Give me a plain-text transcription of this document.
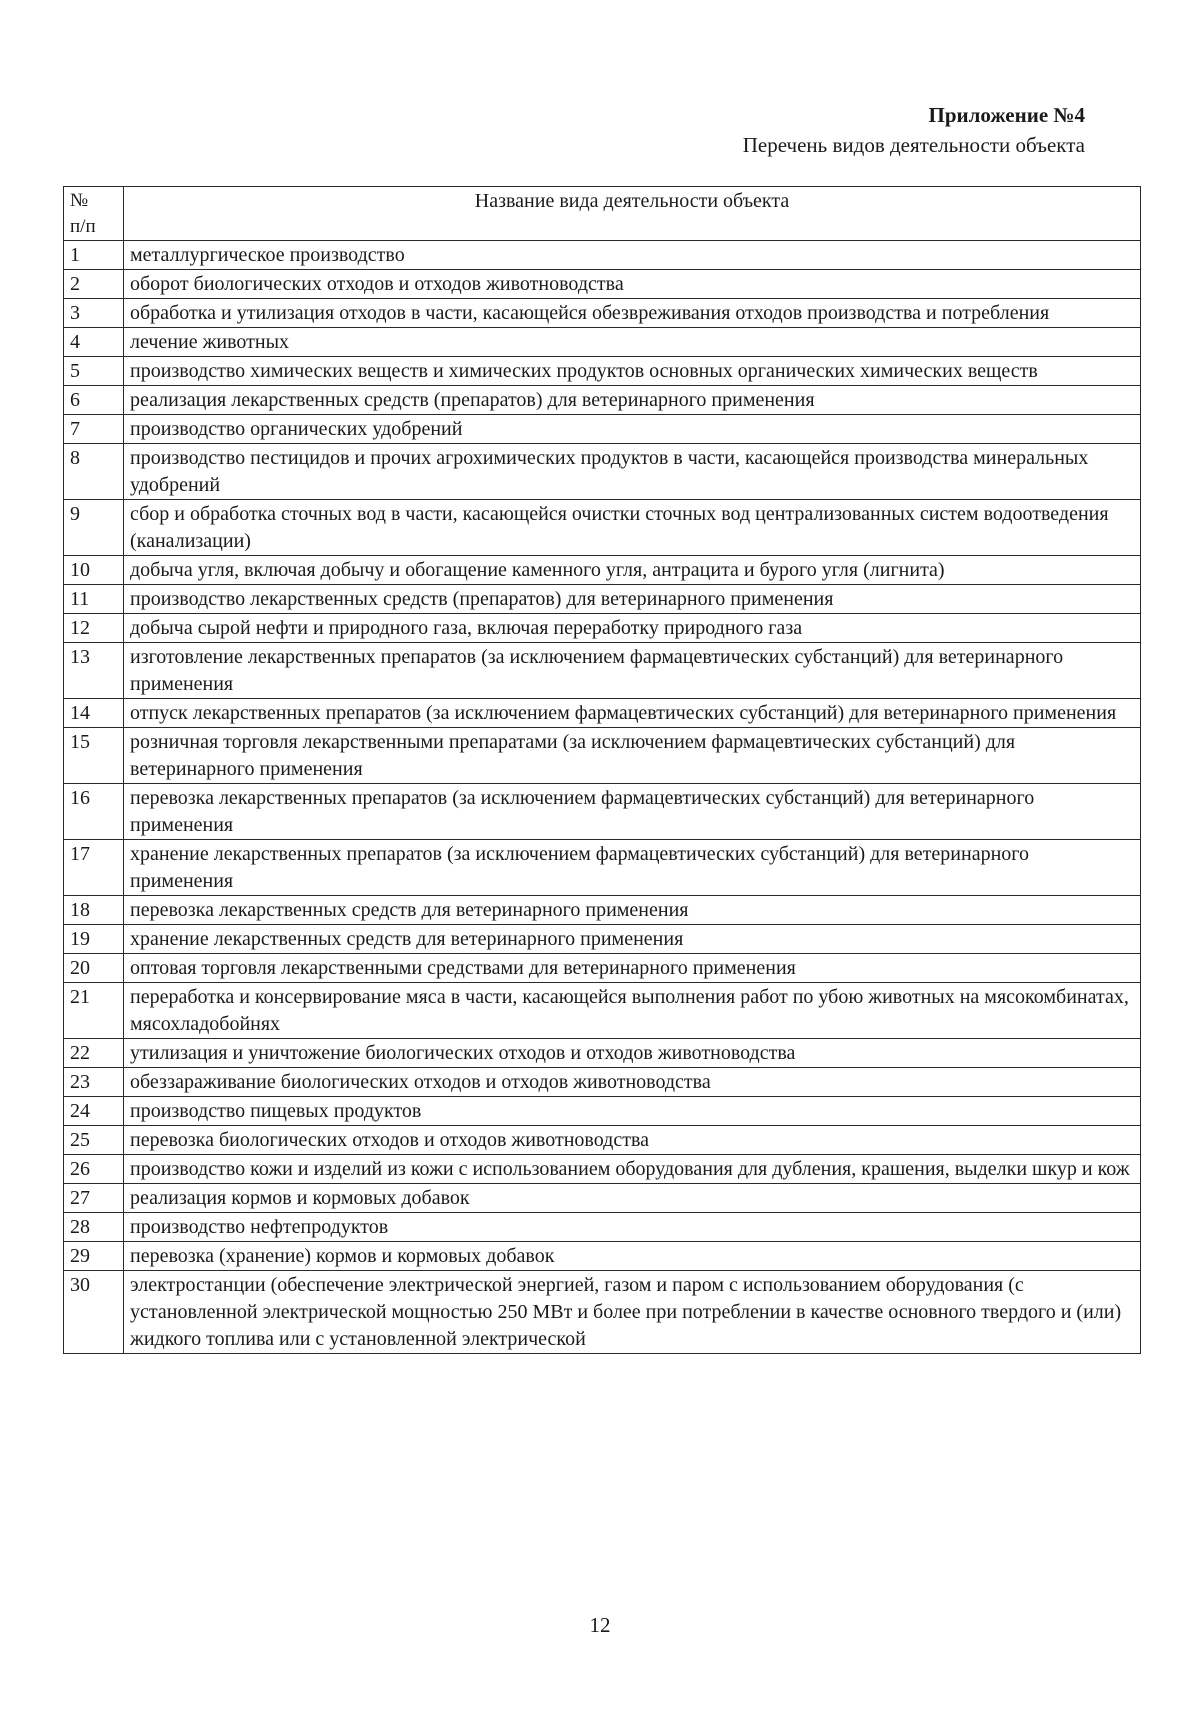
Приложение №4
Перечень видов деятельности объекта
№
п/п	Название вида деятельности объекта
1	металлургическое производство
2	оборот биологических отходов и отходов животноводства
3	обработка и утилизация отходов в части, касающейся обезвреживания отходов производства и потребления
4	лечение животных
5	производство химических веществ и химических продуктов основных органических химических веществ
6	реализация лекарственных средств (препаратов) для ветеринарного применения
7	производство органических удобрений
8	производство пестицидов и прочих агрохимических продуктов в части, касающейся производства минеральных удобрений
9	сбор и обработка сточных вод в части, касающейся очистки сточных вод централизованных систем водоотведения (канализации)
10	добыча угля, включая добычу и обогащение каменного угля, антрацита и бурого угля (лигнита)
11	производство лекарственных средств (препаратов) для ветеринарного применения
12	добыча сырой нефти и природного газа, включая переработку природного газа
13	изготовление лекарственных препаратов (за исключением фармацевтических субстанций) для ветеринарного применения
14	отпуск лекарственных препаратов (за исключением фармацевтических субстанций) для ветеринарного применения
15	розничная торговля лекарственными препаратами (за исключением фармацевтических субстанций) для ветеринарного применения
16	перевозка лекарственных препаратов (за исключением фармацевтических субстанций) для ветеринарного применения
17	хранение лекарственных препаратов (за исключением фармацевтических субстанций) для ветеринарного применения
18	перевозка лекарственных средств для ветеринарного применения
19	хранение лекарственных средств для ветеринарного применения
20	оптовая торговля лекарственными средствами для ветеринарного применения
21	переработка и консервирование мяса в части, касающейся выполнения работ по убою животных на мясокомбинатах, мясохладобойнях
22	утилизация и уничтожение биологических отходов и отходов животноводства
23	обеззараживание биологических отходов и отходов животноводства
24	производство пищевых продуктов
25	перевозка биологических отходов и отходов животноводства
26	производство кожи и изделий из кожи с использованием оборудования для дубления, крашения, выделки шкур и кож
27	реализация кормов и кормовых добавок
28	производство нефтепродуктов
29	перевозка (хранение) кормов и кормовых добавок
30	электростанции (обеспечение электрической энергией, газом и паром с использованием оборудования (с установленной электрической мощностью 250 МВт и более при потреблении в качестве основного твердого и (или) жидкого топлива или с установленной электрической
12
